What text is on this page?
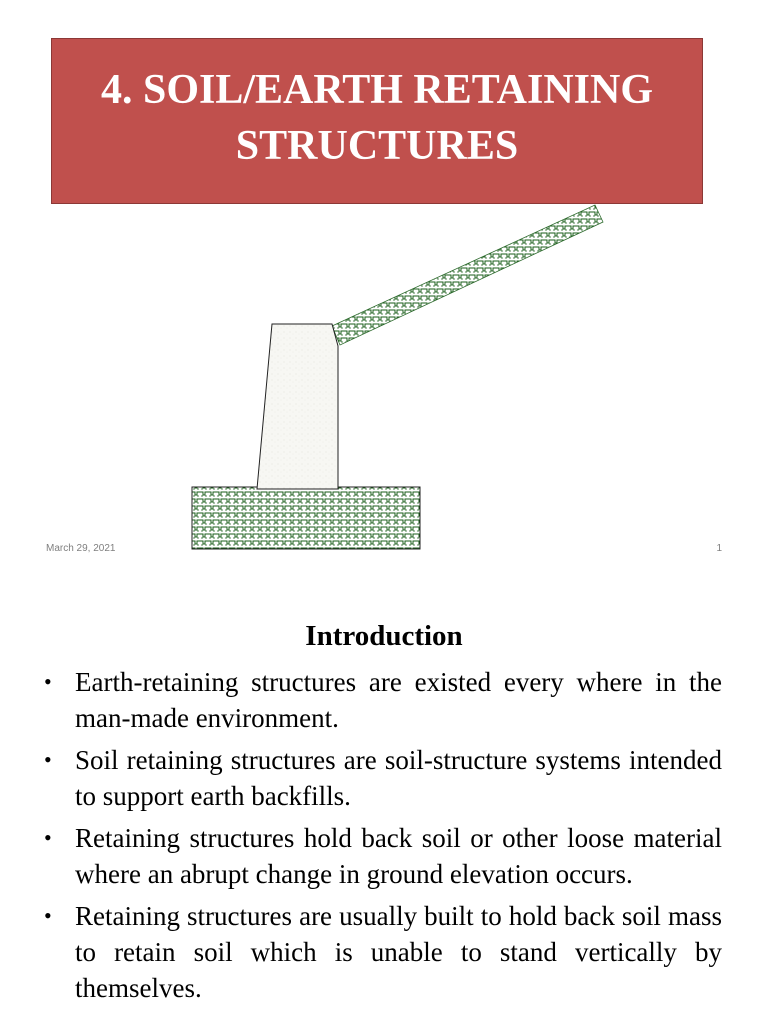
4. SOIL/EARTH RETAINING
STRUCTURES
March 29, 2021	1
Introduction
• Earth-retaining structures are existed every where in the man-made environment.
• Soil retaining structures are soil-structure systems intended to support earth backfills.
• Retaining structures hold back soil or other loose material where an abrupt change in ground elevation occurs.
• Retaining structures are usually built to hold back soil mass to retain soil which is unable to stand vertically by themselves.
